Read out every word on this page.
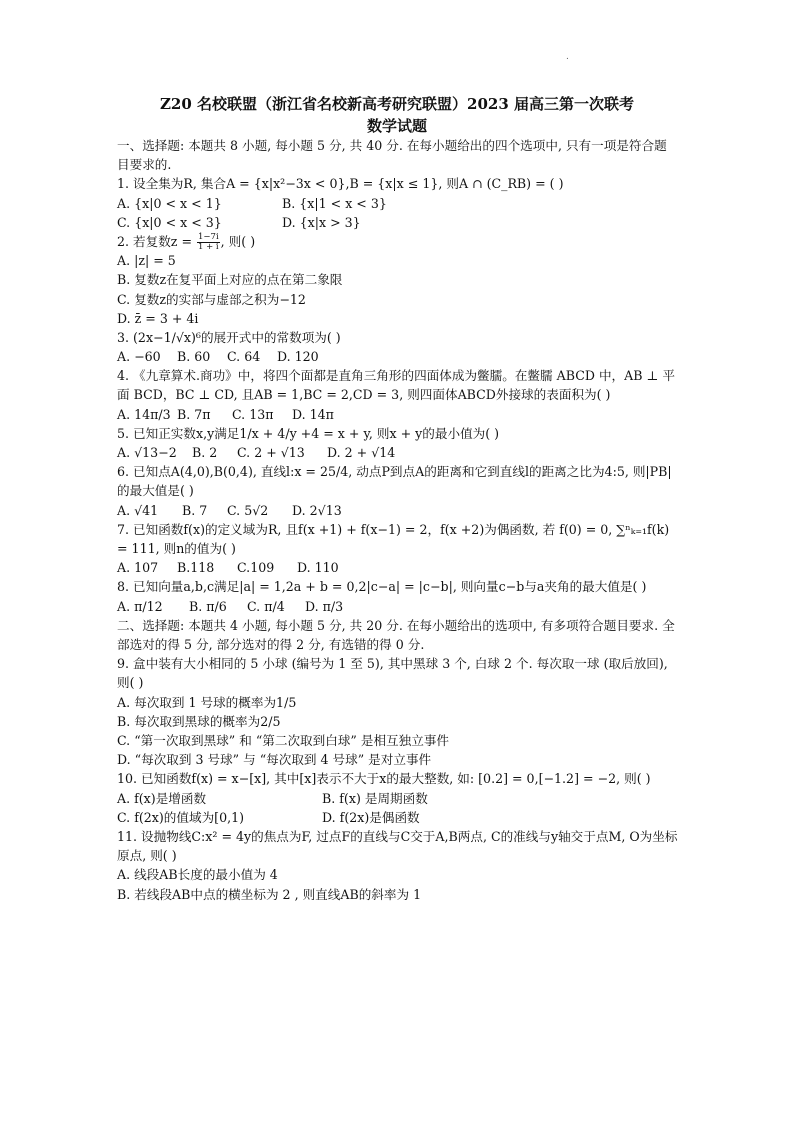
.
Z20 名校联盟（浙江省名校新高考研究联盟）2023 届高三第一次联考
数学试题
一、选择题: 本题共 8 小题, 每小题 5 分, 共 40 分. 在每小题给出的四个选项中, 只有一项是符合题目要求的.
1. 设全集为R, 集合A = {x|x²−3x < 0},B = {x|x ≤ 1}, 则A ∩ (C_RB) = ( )
A. {x|0 < x < 1}	B. {x|1 < x < 3}
C. {x|0 < x < 3}	D. {x|x > 3}
2. 若复数$z = \frac{1-7i}{1 + i}$ , 则( )
A. |z| = 5
B. 复数z在复平面上对应的点在第二象限
C. 复数z的实部与虚部之积为−12
D. z̄ = 3 + 4i
3. (2x−1/√x)⁶的展开式中的常数项为( )
A. −60	B. 60	C. 64	D. 120
4. 《九章算术.商功》中，将四个面都是直角三角形的四面体成为鳖臑。在鳖臑 ABCD 中，AB ⊥ 平面 BCD，BC ⊥ CD, 且AB = 1,BC = 2,CD = 3, 则四面体ABCD外接球的表面积为( )
A. 14π/3 B. 7π	C. 13π	D. 14π
5. 已知正实数x,y满足1/x + 4/y +4 = x + y, 则x + y的最小值为( )
A. √13−2	B. 2	C. 2 + √13	D. 2 + √14
6. 已知点A(4,0),B(0,4), 直线l:x = 25/4, 动点P到点A的距离和它到直线l的距离之比为4:5, 则|PB|的最大值是( )
A. √41	B. 7	C. 5√2	D. 2√13
7. 已知函数f(x)的定义域为R, 且f(x +1) + f(x−1) = 2，f(x +2)为偶函数, 若 f(0) = 0, ∑ⁿₖ₌₁f(k) = 111, 则n的值为( )
A. 107	B.118	C.109	D. 110
8. 已知向量a,b,c满足|a| = 1,2a + b = 0,2|c−a| = |c−b|, 则向量c−b与a夹角的最大值是( )
A. π/12	B. π/6	C. π/4	D. π/3
二、选择题: 本题共 4 小题, 每小题 5 分, 共 20 分. 在每小题给出的选项中, 有多项符合题目要求. 全部选对的得 5 分, 部分选对的得 2 分, 有选错的得 0 分.
9. 盒中装有大小相同的 5 小球 (编号为 1 至 5), 其中黑球 3 个, 白球 2 个. 每次取一球 (取后放回), 则( )
A. 每次取到 1 号球的概率为1/5
B. 每次取到黑球的概率为2/5
C. “第一次取到黑球” 和 “第二次取到白球” 是相互独立事件
D. “每次取到 3 号球” 与 “每次取到 4 号球” 是对立事件
10. 已知函数f(x) = x−[x], 其中[x]表示不大于x的最大整数, 如: [0.2] = 0,[−1.2] = −2, 则( )
A. f(x)是增函数	B. f(x) 是周期函数
C. f(2x)的值域为[0,1)	D. f(2x)是偶函数
11. 设抛物线C:x² = 4y的焦点为F, 过点F的直线与C交于A,B两点, C的准线与y轴交于点M, O为坐标原点, 则( )
A. 线段AB长度的最小值为 4
B. 若线段AB中点的横坐标为 2 , 则直线AB的斜率为 1
